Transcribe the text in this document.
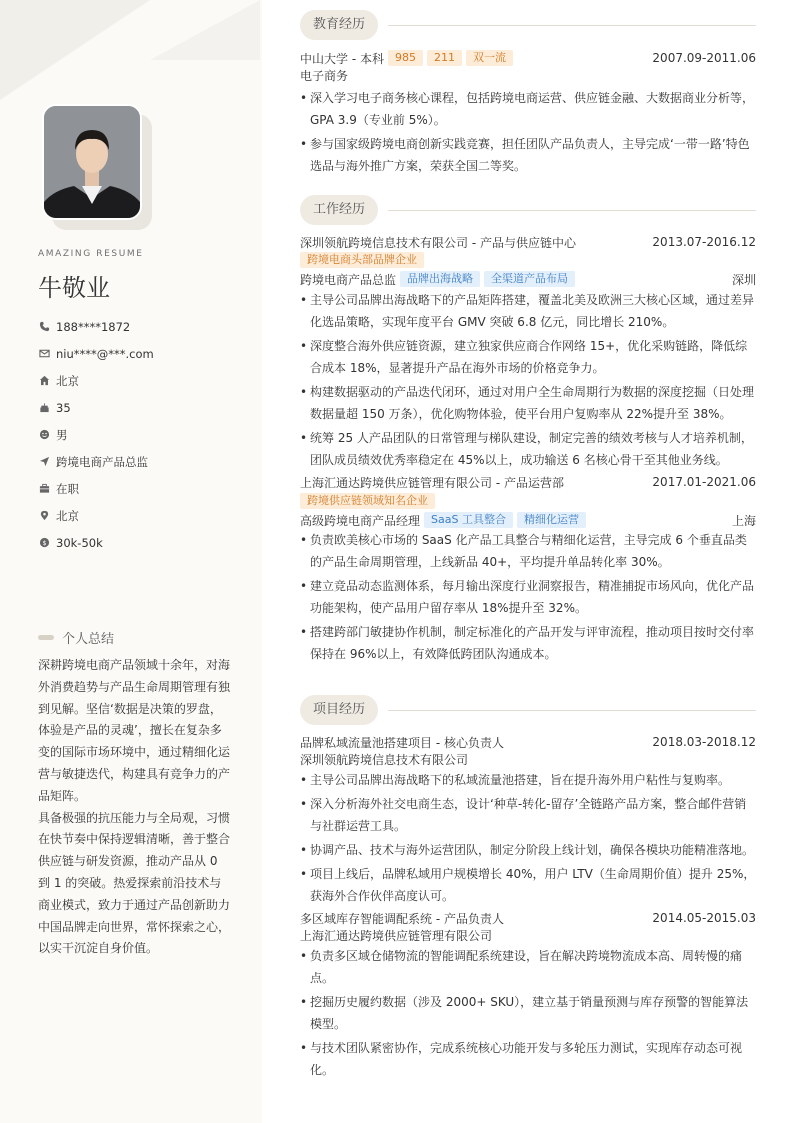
AMAZING RESUME
牛敬业
188****1872
niu****@***.com
北京
35
男
跨境电商产品总监
在职
北京
$ 30k-50k
个人总结
深耕跨境电商产品领域十余年，对海外消费趋势与产品生命周期管理有独到见解。坚信‘数据是决策的罗盘，体验是产品的灵魂’，擅长在复杂多变的国际市场环境中，通过精细化运营与敏捷迭代，构建具有竞争力的产品矩阵。
具备极强的抗压能力与全局观，习惯在快节奏中保持逻辑清晰，善于整合供应链与研发资源，推动产品从 0 到 1 的突破。热爱探索前沿技术与商业模式，致力于通过产品创新助力中国品牌走向世界，常怀探索之心，以实干沉淀自身价值。
教育经历
中山大学 - 本科	985	211	双一流	2007.09-2011.06
电子商务
• 深入学习电子商务核心课程，包括跨境电商运营、供应链金融、大数据商业分析等，GPA 3.9（专业前 5%）。
• 参与国家级跨境电商创新实践竞赛，担任团队产品负责人，主导完成‘一带一路’特色选品与海外推广方案，荣获全国二等奖。
工作经历
深圳领航跨境信息技术有限公司 - 产品与供应链中心	2013.07-2016.12
跨境电商头部品牌企业
跨境电商产品总监	品牌出海战略	全渠道产品布局	深圳
• 主导公司品牌出海战略下的产品矩阵搭建，覆盖北美及欧洲三大核心区域，通过差异化选品策略，实现年度平台 GMV 突破 6.8 亿元，同比增长 210%。
• 深度整合海外供应链资源，建立独家供应商合作网络 15+，优化采购链路，降低综合成本 18%，显著提升产品在海外市场的价格竞争力。
• 构建数据驱动的产品迭代闭环，通过对用户全生命周期行为数据的深度挖掘（日处理数据量超 150 万条），优化购物体验，使平台用户复购率从 22%提升至 38%。
• 统筹 25 人产品团队的日常管理与梯队建设，制定完善的绩效考核与人才培养机制，团队成员绩效优秀率稳定在 45%以上，成功输送 6 名核心骨干至其他业务线。
上海汇通达跨境供应链管理有限公司 - 产品运营部	2017.01-2021.06
跨境供应链领域知名企业
高级跨境电商产品经理	SaaS 工具整合	精细化运营	上海
• 负责欧美核心市场的 SaaS 化产品工具整合与精细化运营，主导完成 6 个垂直品类的产品生命周期管理，上线新品 40+，平均提升单品转化率 30%。
• 建立竞品动态监测体系，每月输出深度行业洞察报告，精准捕捉市场风向，优化产品功能架构，使产品用户留存率从 18%提升至 32%。
• 搭建跨部门敏捷协作机制，制定标准化的产品开发与评审流程，推动项目按时交付率保持在 96%以上，有效降低跨团队沟通成本。
项目经历
品牌私域流量池搭建项目 - 核心负责人	2018.03-2018.12
深圳领航跨境信息技术有限公司
• 主导公司品牌出海战略下的私域流量池搭建，旨在提升海外用户粘性与复购率。
• 深入分析海外社交电商生态，设计‘种草-转化-留存’全链路产品方案，整合邮件营销与社群运营工具。
• 协调产品、技术与海外运营团队，制定分阶段上线计划，确保各模块功能精准落地。
• 项目上线后，品牌私域用户规模增长 40%，用户 LTV（生命周期价值）提升 25%，获海外合作伙伴高度认可。
多区域库存智能调配系统 - 产品负责人	2014.05-2015.03
上海汇通达跨境供应链管理有限公司
• 负责多区域仓储物流的智能调配系统建设，旨在解决跨境物流成本高、周转慢的痛点。
• 挖掘历史履约数据（涉及 2000+ SKU），建立基于销量预测与库存预警的智能算法模型。
• 与技术团队紧密协作，完成系统核心功能开发与多轮压力测试，实现库存动态可视化。
